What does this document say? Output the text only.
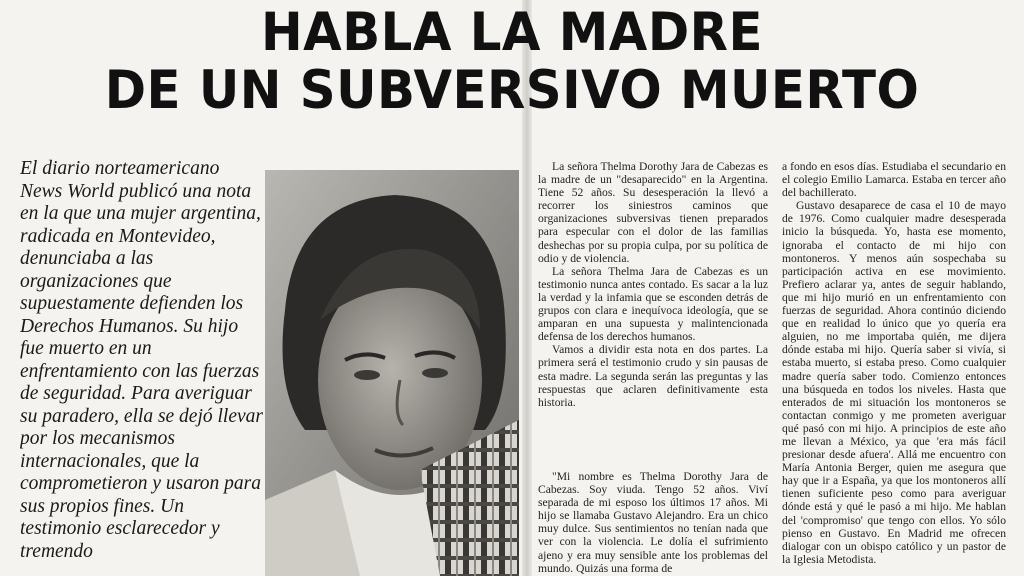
HABLA LA MADRE
DE UN SUBVERSIVO MUERTO
El diario norteamericano News World publicó una nota en la que una mujer argentina, radicada en Montevideo, denunciaba a las organizaciones que supuestamente defienden los Derechos Humanos. Su hijo fue muerto en un enfrentamiento con las fuerzas de seguridad. Para averiguar su paradero, ella se dejó llevar por los mecanismos internacionales, que la comprometieron y usaron para sus propios fines. Un testimonio esclarecedor y tremendo

La señora Thelma Dorothy Jara de Cabezas es la madre de un "desaparecido" en la Argentina. Tiene 52 años. Su desesperación la llevó a recorrer los siniestros caminos que organizaciones subversivas tienen preparados para especular con el dolor de las familias deshechas por su propia culpa, por su política de odio y de violencia.

La señora Thelma Jara de Cabezas es un testimonio nunca antes contado. Es sacar a la luz la verdad y la infamia que se esconden detrás de grupos con clara e inequívoca ideología, que se amparan en una supuesta y malintencionada defensa de los derechos humanos.

Vamos a dividir esta nota en dos partes. La primera será el testimonio crudo y sin pausas de esta madre. La segunda serán las preguntas y las respuestas que aclaren definitivamente esta historia.

"Mi nombre es Thelma Dorothy Jara de Cabezas. Soy viuda. Tengo 52 años. Viví separada de mi esposo los últimos 17 años. Mi hijo se llamaba Gustavo Alejandro. Era un chico muy dulce. Sus sentimientos no tenían nada que ver con la violencia. Le dolía el sufrimiento ajeno y era muy sensible ante los problemas del mundo. Quizás una forma de

a fondo en esos días. Estudiaba el secundario en el colegio Emilio Lamarca. Estaba en tercer año del bachillerato.

Gustavo desaparece de casa el 10 de mayo de 1976. Como cualquier madre desesperada inicio la búsqueda. Yo, hasta ese momento, ignoraba el contacto de mi hijo con montoneros. Y menos aún sospechaba su participación activa en ese movimiento. Prefiero aclarar ya, antes de seguir hablando, que mi hijo murió en un enfrentamiento con fuerzas de seguridad. Ahora continúo diciendo que en realidad lo único que yo quería era alguien, no me importaba quién, me dijera dónde estaba mi hijo. Quería saber si vivía, si estaba muerto, si estaba preso. Como cualquier madre quería saber todo. Comienzo entonces una búsqueda en todos los niveles. Hasta que enterados de mi situación los montoneros se contactan conmigo y me prometen averiguar qué pasó con mi hijo. A principios de este año me llevan a México, ya que 'era más fácil presionar desde afuera'. Allá me encuentro con María Antonia Berger, quien me asegura que hay que ir a España, ya que los montoneros allí tienen suficiente peso como para averiguar dónde está y qué le pasó a mi hijo. Me hablan del 'compromiso' que tengo con ellos. Yo sólo pienso en Gustavo. En Madrid me ofrecen dialogar con un obispo católico y un pastor de la Iglesia Metodista.
